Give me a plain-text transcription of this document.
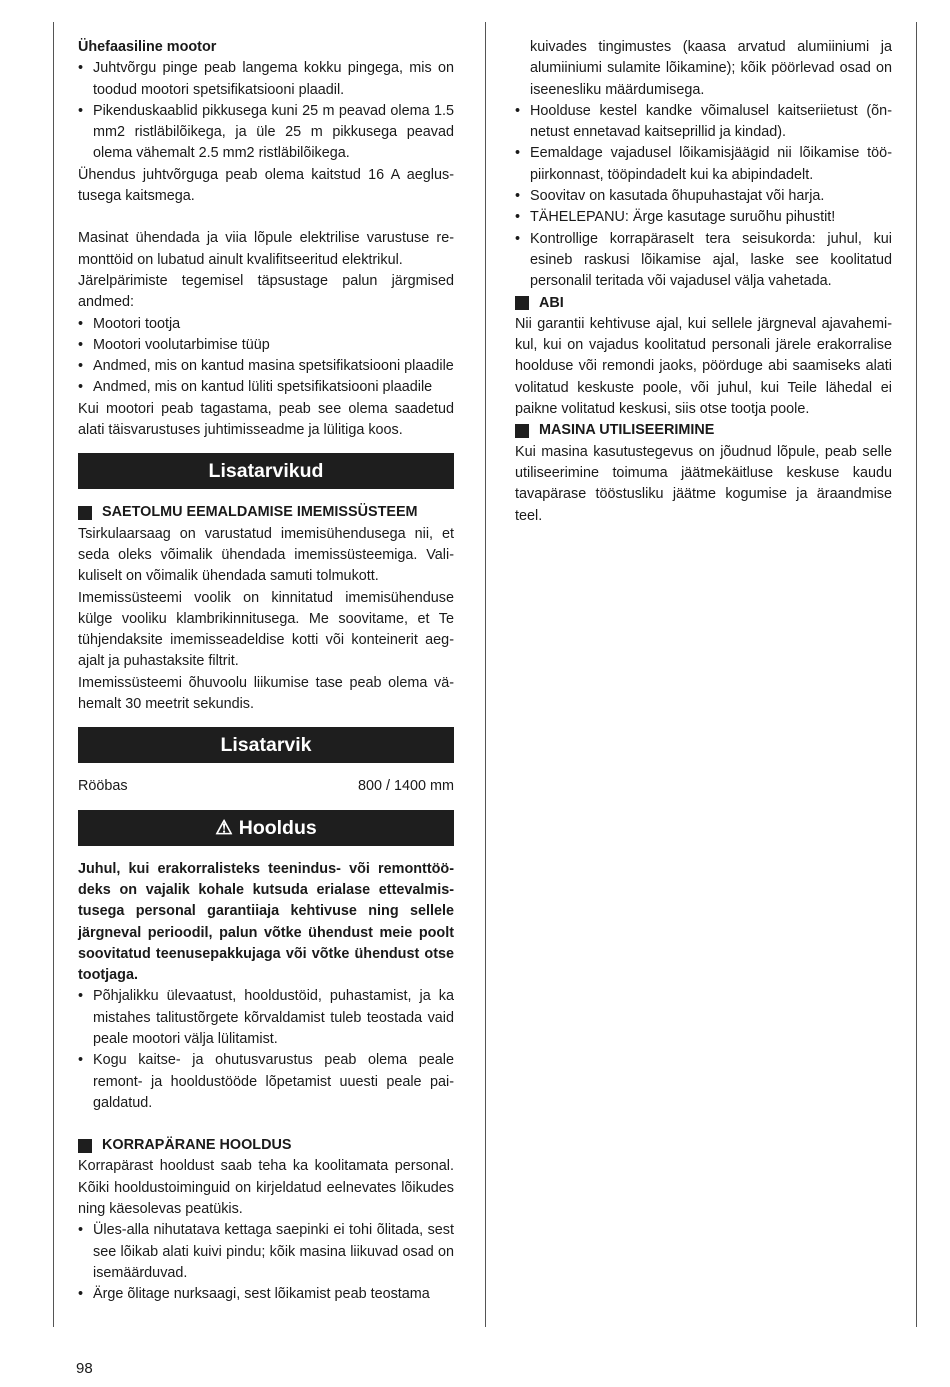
Ühefaasiline mootor

• Juhtvõrgu pinge peab langema kokku pingega, mis on toodud mootori spetsifikatsiooni plaadil.
• Pikenduskaablid pikkusega kuni 25 m peavad olema 1.5 mm2 ristläbilõikega, ja üle 25 m pikkusega peavad olema vähemalt 2.5 mm2 ristläbilõikega.

Ühendus juhtvõrguga peab olema kaitstud 16 A aeglustusega kaitsmega.

Masinat ühendada ja viia lõpule elektrilise varustuse remonttöid on lubatud ainult kvalifitseeritud elektrikul.

Järelpärimiste tegemisel täpsustage palun järgmised andmed:

• Mootori tootja
• Mootori voolutarbimise tüüp
• Andmed, mis on kantud masina spetsifikatsiooni plaadile
• Andmed, mis on kantud lüliti spetsifikatsiooni plaadile

Kui mootori peab tagastama, peab see olema saadetud alati täisvarustuses juhtimisseadme ja lülitiga koos.

Lisatarvikud
SAETOLMU EEMALDAMISE IMEMISSÜSTEEM

Tsirkulaarsaag on varustatud imemisühendusega nii, et seda oleks võimalik ühendada imemissüsteemiga. Valikuliselt on võimalik ühendada samuti tolmukott.

Imemissüsteemi voolik on kinnitatud imemisühenduse külge vooliku klambrikinnitusega. Me soovitame, et Te tühjendaksite imemisseadeldise kotti või konteinerit aegajalt ja puhastaksite filtrit.

Imemissüsteemi õhuvoolu liikumise tase peab olema vähemalt 30 meetrit sekundis.

Lisatarvik
Rööbas	800 / 1400 mm
⚠ Hooldus

Juhul, kui erakorralisteks teenindus- või remonttöödeks on vajalik kohale kutsuda erialase ettevalmistusega personal garantiiaja kehtivuse ning sellele järgneval perioodil, palun võtke ühendust meie poolt soovitatud teenusepakkujaga või võtke ühendust otse tootjaga.

• Põhjalikku ülevaatust, hooldustöid, puhastamist, ja ka mistahes talitustõrgete kõrvaldamist tuleb teostada vaid peale mootori välja lülitamist.
• Kogu kaitse- ja ohutusvarustus peab olema peale remont- ja hooldustööde lõpetamist uuesti peale paigaldatud.
KORRAPÄRANE HOOLDUS

Korrapärast hooldust saab teha ka koolitamata personal. Kõiki hooldustoiminguid on kirjeldatud eelnevates lõikudes ning käesolevas peatükis.

• Üles-alla nihutatava kettaga saepinki ei tohi õlitada, sest see lõikab alati kuivi pindu; kõik masina liikuvad osad on isemäärduvad.
• Ärge õlitage nurksaagi, sest lõikamist peab teostama

kuivades tingimustes (kaasa arvatud alumiiniumi ja alumiiniumi sulamite lõikamine); kõik pöörlevad osad on iseenesliku määrdumisega.

• Hoolduse kestel kandke võimalusel kaitseriietust (õnnetust ennetavad kaitseprillid ja kindad).
• Eemaldage vajadusel lõikamisjäägid nii lõikamise tööpiirkonnast, tööpindadelt kui ka abipindadelt.
• Soovitav on kasutada õhupuhastajat või harja.
• TÄHELEPANU: Ärge kasutage suruõhu pihustit!
• Kontrollige korrapäraselt tera seisukorda: juhul, kui esineb raskusi lõikamise ajal, laske see koolitatud personalil teritada või vajadusel välja vahetada.
ABI

Nii garantii kehtivuse ajal, kui sellele järgneval ajavahemikul, kui on vajadus koolitatud personali järele erakorralise hoolduse või remondi jaoks, pöörduge abi saamiseks alati volitatud keskuste poole, või juhul, kui Teile lähedal ei paikne volitatud keskusi, siis otse tootja poole.

MASINA UTILISEERIMINE

Kui masina kasutustegevus on jõudnud lõpule, peab selle utiliseerimine toimuma jäätmekäitluse keskuse kaudu tavapärase tööstusliku jäätme kogumise ja äraandmise teel.

98
